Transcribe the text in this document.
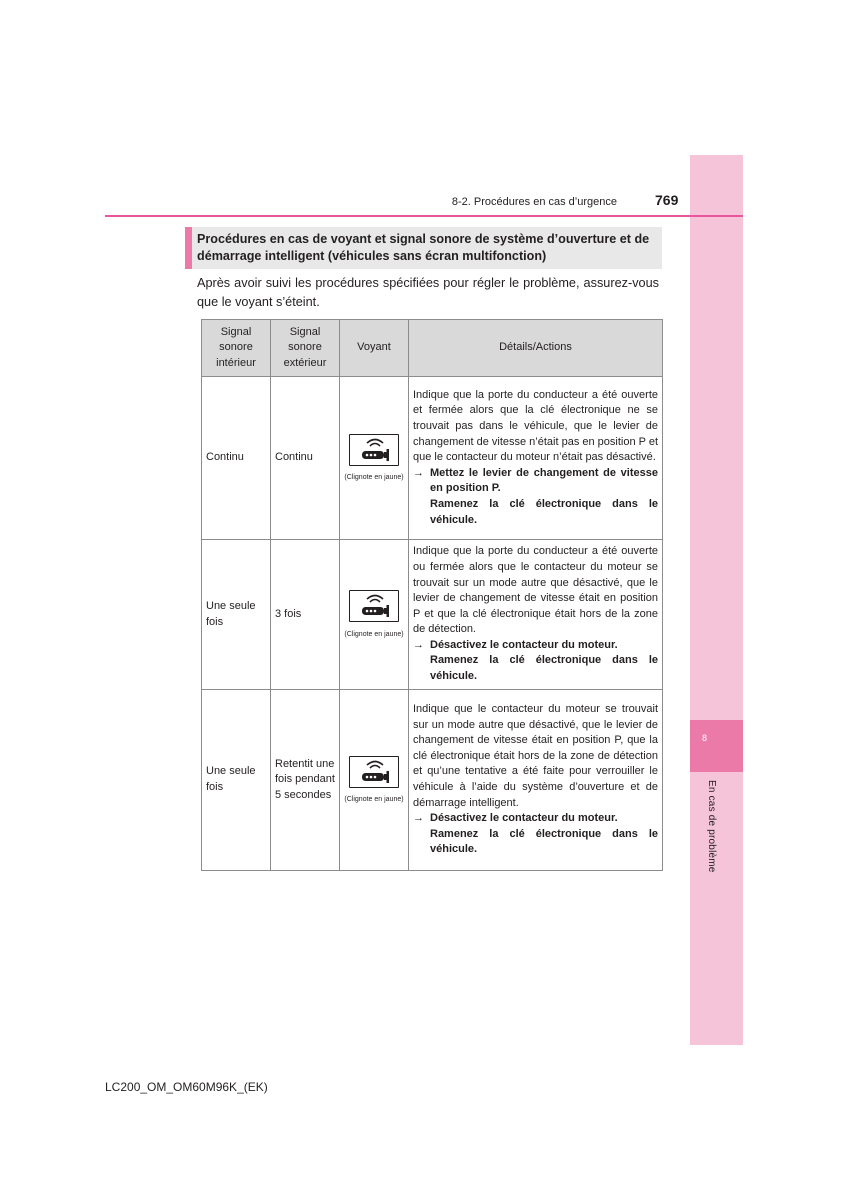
8
En cas de problème
8-2. Procédures en cas d’urgence	769
Procédures en cas de voyant et signal sonore de système d’ouverture et de démarrage intelligent (véhicules sans écran multifonction)
Après avoir suivi les procédures spécifiées pour régler le problème, assurez-vous que le voyant s’éteint.
Signal sonore intérieur	Signal sonore extérieur	Voyant	Détails/Actions
Continu	Continu	(Clignote en jaune)	Indique que la porte du conducteur a été ouverte et fermée alors que la clé électronique ne se trouvait pas dans le véhicule, que le levier de changement de vitesse n’était pas en position P et que le contacteur du moteur n’était pas désactivé.
→ Mettez le levier de changement de vitesse en position P.
Ramenez la clé électronique dans le véhicule.

Une seule fois	3 fois	(Clignote en jaune)	Indique que la porte du conducteur a été ouverte ou fermée alors que le contacteur du moteur se trouvait sur un mode autre que désactivé, que le levier de changement de vitesse était en position P et que la clé électronique était hors de la zone de détection.
→ Désactivez le contacteur du moteur.
Ramenez la clé électronique dans le véhicule.

Une seule fois	Retentit une fois pendant 5 secondes	(Clignote en jaune)	Indique que le contacteur du moteur se trouvait sur un mode autre que désactivé, que le levier de changement de vitesse était en position P, que la clé électronique était hors de la zone de détection et qu’une tentative a été faite pour verrouiller le véhicule à l’aide du système d’ouverture et de démarrage intelligent.
→ Désactivez le contacteur du moteur.
Ramenez la clé électronique dans le véhicule.
LC200_OM_OM60M96K_(EK)
